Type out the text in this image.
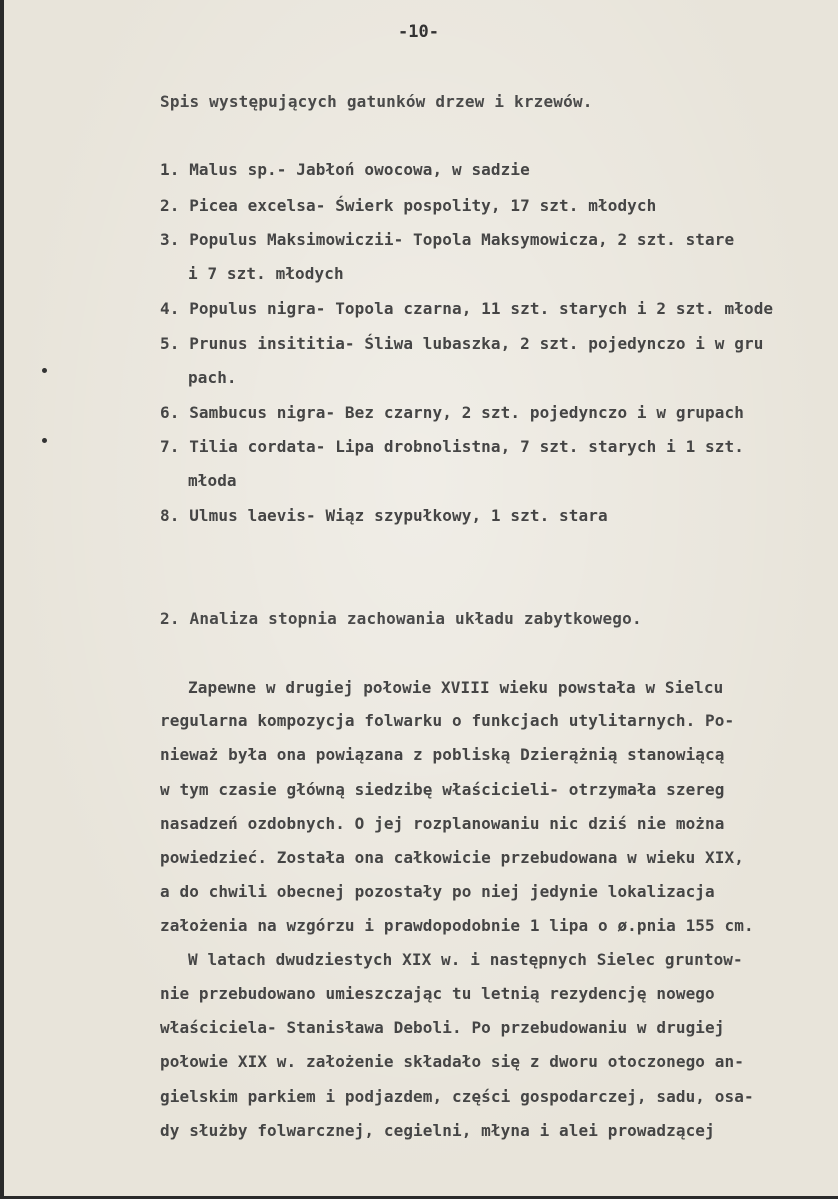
-10-
Spis występujących gatunków drzew i krzewów.
1. Malus sp.- Jabłoń owocowa, w sadzie
2. Picea excelsa- Świerk pospolity, 17 szt. młodych
3. Populus Maksimowiczii- Topola Maksymowicza, 2 szt. stare
i 7 szt. młodych
4. Populus nigra- Topola czarna, 11 szt. starych i 2 szt. młode
5. Prunus insititia- Śliwa lubaszka, 2 szt. pojedynczo i w gru
pach.
6. Sambucus nigra- Bez czarny, 2 szt. pojedynczo i w grupach
7. Tilia cordata- Lipa drobnolistna, 7 szt. starych i 1 szt.
młoda
8. Ulmus laevis- Wiąz szypułkowy, 1 szt. stara
2. Analiza stopnia zachowania układu zabytkowego.
Zapewne w drugiej połowie XVIII wieku powstała w Sielcu
regularna kompozycja folwarku o funkcjach utylitarnych. Po-
nieważ była ona powiązana z pobliską Dzierążnią stanowiącą
w tym czasie główną siedzibę właścicieli- otrzymała szereg
nasadzeń ozdobnych. O jej rozplanowaniu nic dziś nie można
powiedzieć. Została ona całkowicie przebudowana w wieku XIX,
a do chwili obecnej pozostały po niej jedynie lokalizacja
założenia na wzgórzu i prawdopodobnie 1 lipa o ø.pnia 155 cm.
W latach dwudziestych XIX w. i następnych Sielec gruntow-
nie przebudowano umieszczając tu letnią rezydencję nowego
właściciela- Stanisława Deboli. Po przebudowaniu w drugiej
połowie XIX w. założenie składało się z dworu otoczonego an-
gielskim parkiem i podjazdem, części gospodarczej, sadu, osa-
dy służby folwarcznej, cegielni, młyna i alei prowadzącej
